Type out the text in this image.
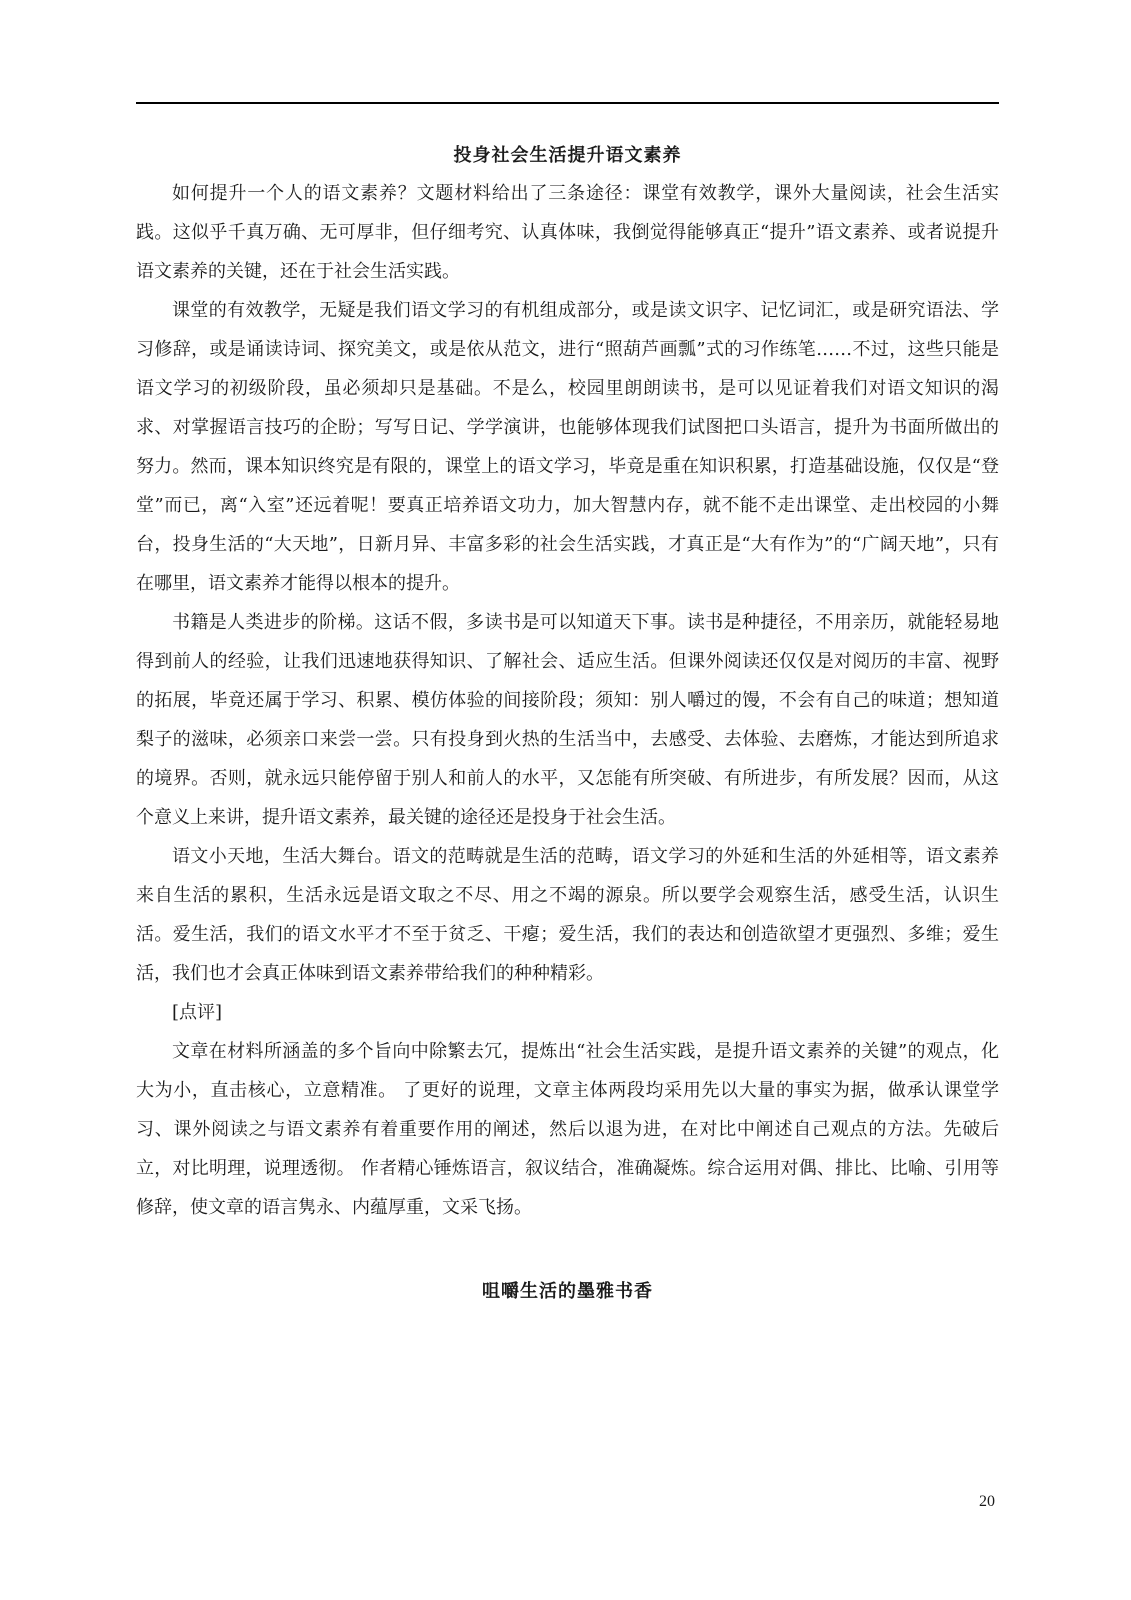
投身社会生活提升语文素养

如何提升一个人的语文素养？文题材料给出了三条途径：课堂有效教学，课外大量阅读，社会生活实践。这似乎千真万确、无可厚非，但仔细考究、认真体味，我倒觉得能够真正“提升”语文素养、或者说提升语文素养的关键，还在于社会生活实践。

课堂的有效教学，无疑是我们语文学习的有机组成部分，或是读文识字、记忆词汇，或是研究语法、学习修辞，或是诵读诗词、探究美文，或是依从范文，进行“照葫芦画瓢”式的习作练笔……不过，这些只能是语文学习的初级阶段，虽必须却只是基础。不是么，校园里朗朗读书，是可以见证着我们对语文知识的渴求、对掌握语言技巧的企盼；写写日记、学学演讲，也能够体现我们试图把口头语言，提升为书面所做出的努力。然而，课本知识终究是有限的，课堂上的语文学习，毕竟是重在知识积累，打造基础设施，仅仅是“登堂”而已，离“入室”还远着呢！要真正培养语文功力，加大智慧内存，就不能不走出课堂、走出校园的小舞台，投身生活的“大天地”，日新月异、丰富多彩的社会生活实践，才真正是“大有作为”的“广阔天地”，只有在哪里，语文素养才能得以根本的提升。

书籍是人类进步的阶梯。这话不假，多读书是可以知道天下事。读书是种捷径，不用亲历，就能轻易地得到前人的经验，让我们迅速地获得知识、了解社会、适应生活。但课外阅读还仅仅是对阅历的丰富、视野的拓展，毕竟还属于学习、积累、模仿体验的间接阶段；须知：别人嚼过的馒，不会有自己的味道；想知道梨子的滋味，必须亲口来尝一尝。只有投身到火热的生活当中，去感受、去体验、去磨炼，才能达到所追求的境界。否则，就永远只能停留于别人和前人的水平，又怎能有所突破、有所进步，有所发展？因而，从这个意义上来讲，提升语文素养，最关键的途径还是投身于社会生活。

语文小天地，生活大舞台。语文的范畴就是生活的范畴，语文学习的外延和生活的外延相等，语文素养来自生活的累积，生活永远是语文取之不尽、用之不竭的源泉。所以要学会观察生活，感受生活，认识生活。爱生活，我们的语文水平才不至于贫乏、干瘪；爱生活，我们的表达和创造欲望才更强烈、多维；爱生活，我们也才会真正体味到语文素养带给我们的种种精彩。

[点评]

文章在材料所涵盖的多个旨向中除繁去冗，提炼出“社会生活实践，是提升语文素养的关键”的观点，化大为小，直击核心，立意精准。 了更好的说理，文章主体两段均采用先以大量的事实为据，做承认课堂学习、课外阅读之与语文素养有着重要作用的阐述，然后以退为进，在对比中阐述自己观点的方法。先破后立，对比明理，说理透彻。 作者精心锤炼语言，叙议结合，准确凝炼。综合运用对偶、排比、比喻、引用等修辞，使文章的语言隽永、内蕴厚重，文采飞扬。

咀嚼生活的墨雅书香
20
